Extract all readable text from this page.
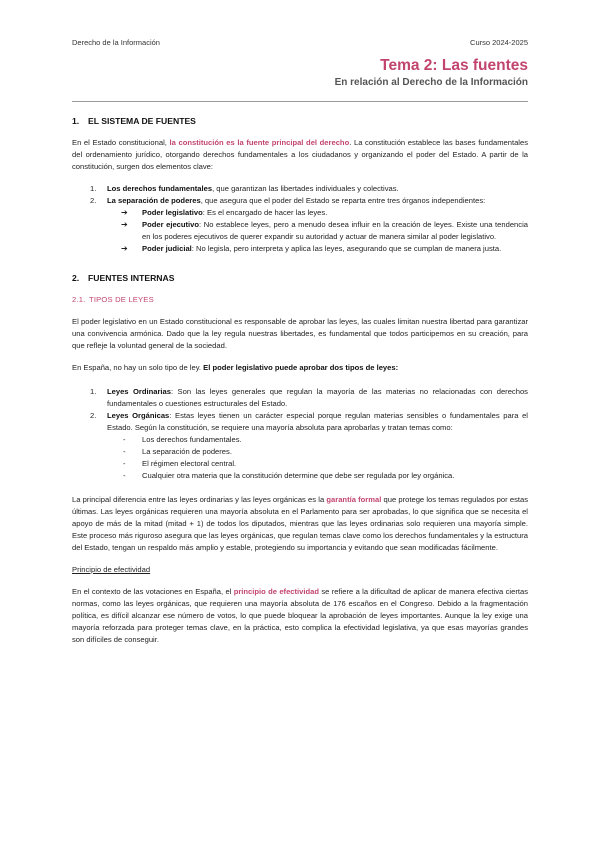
Derecho de la Información	Curso 2024-2025
Tema 2: Las fuentes
En relación al Derecho de la Información
1. EL SISTEMA DE FUENTES

En el Estado constitucional, la constitución es la fuente principal del derecho. La constitución establece las bases fundamentales del ordenamiento jurídico, otorgando derechos fundamentales a los ciudadanos y organizando el poder del Estado. A partir de la constitución, surgen dos elementos clave:

1. Los derechos fundamentales, que garantizan las libertades individuales y colectivas.
2. La separación de poderes, que asegura que el poder del Estado se reparta entre tres órganos independientes:
➔ Poder legislativo: Es el encargado de hacer las leyes.
➔ Poder ejecutivo: No establece leyes, pero a menudo desea influir en la creación de leyes. Existe una tendencia en los poderes ejecutivos de querer expandir su autoridad y actuar de manera similar al poder legislativo.
➔ Poder judicial: No legisla, pero interpreta y aplica las leyes, asegurando que se cumplan de manera justa.
2. FUENTES INTERNAS
2.1. TIPOS DE LEYES

El poder legislativo en un Estado constitucional es responsable de aprobar las leyes, las cuales limitan nuestra libertad para garantizar una convivencia armónica. Dado que la ley regula nuestras libertades, es fundamental que todos participemos en su creación, para que refleje la voluntad general de la sociedad.

En España, no hay un solo tipo de ley. El poder legislativo puede aprobar dos tipos de leyes:

1. Leyes Ordinarias: Son las leyes generales que regulan la mayoría de las materias no relacionadas con derechos fundamentales o cuestiones estructurales del Estado.
2. Leyes Orgánicas: Estas leyes tienen un carácter especial porque regulan materias sensibles o fundamentales para el Estado. Según la constitución, se requiere una mayoría absoluta para aprobarlas y tratan temas como:
- Los derechos fundamentales.
- La separación de poderes.
- El régimen electoral central.
- Cualquier otra materia que la constitución determine que debe ser regulada por ley orgánica.

La principal diferencia entre las leyes ordinarias y las leyes orgánicas es la garantía formal que protege los temas regulados por estas últimas. Las leyes orgánicas requieren una mayoría absoluta en el Parlamento para ser aprobadas, lo que significa que se necesita el apoyo de más de la mitad (mitad + 1) de todos los diputados, mientras que las leyes ordinarias solo requieren una mayoría simple. Este proceso más riguroso asegura que las leyes orgánicas, que regulan temas clave como los derechos fundamentales y la estructura del Estado, tengan un respaldo más amplio y estable, protegiendo su importancia y evitando que sean modificadas fácilmente.

Principio de efectividad

En el contexto de las votaciones en España, el principio de efectividad se refiere a la dificultad de aplicar de manera efectiva ciertas normas, como las leyes orgánicas, que requieren una mayoría absoluta de 176 escaños en el Congreso. Debido a la fragmentación política, es difícil alcanzar ese número de votos, lo que puede bloquear la aprobación de leyes importantes. Aunque la ley exige una mayoría reforzada para proteger temas clave, en la práctica, esto complica la efectividad legislativa, ya que esas mayorías grandes son difíciles de conseguir.
